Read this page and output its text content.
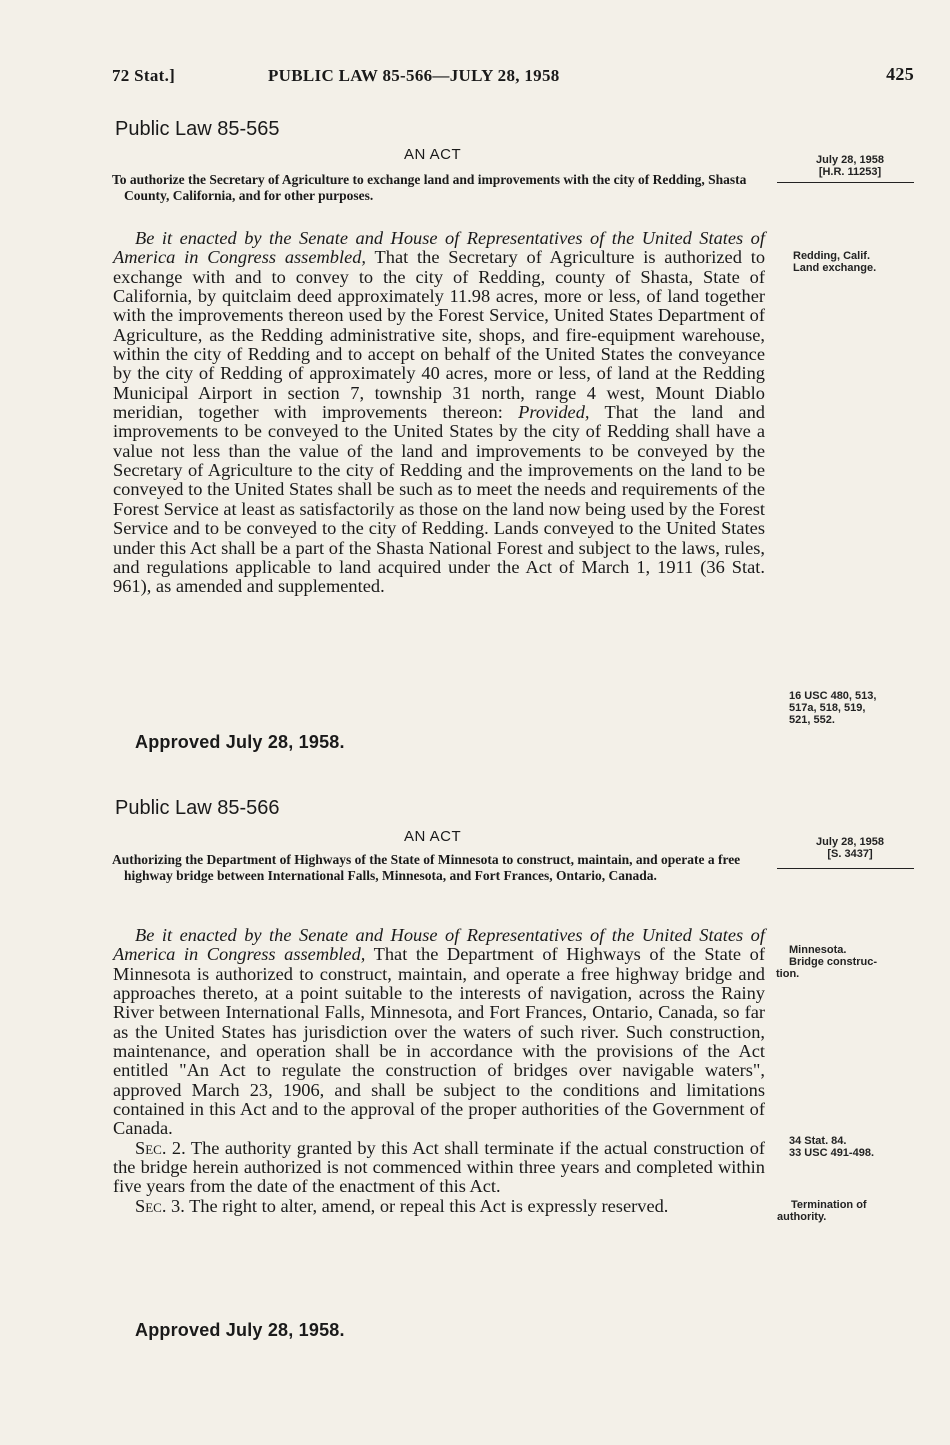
72 Stat.]	PUBLIC LAW 85-566—JULY 28, 1958	425
Public Law 85-565
AN ACT
To authorize the Secretary of Agriculture to exchange land and improvements with the city of Redding, Shasta County, California, and for other purposes.
July 28, 1958
[H.R. 11253]

Be it enacted by the Senate and House of Representatives of the United States of America in Congress assembled, That the Secretary of Agriculture is authorized to exchange with and to convey to the city of Redding, county of Shasta, State of California, by quitclaim deed approximately 11.98 acres, more or less, of land together with the improvements thereon used by the Forest Service, United States Department of Agriculture, as the Redding administrative site, shops, and fire-equipment warehouse, within the city of Redding and to accept on behalf of the United States the conveyance by the city of Redding of approximately 40 acres, more or less, of land at the Redding Municipal Airport in section 7, township 31 north, range 4 west, Mount Diablo meridian, together with improvements thereon: Provided, That the land and improvements to be conveyed to the United States by the city of Redding shall have a value not less than the value of the land and improvements to be conveyed by the Secretary of Agriculture to the city of Redding and the improvements on the land to be conveyed to the United States shall be such as to meet the needs and requirements of the Forest Service at least as satisfactorily as those on the land now being used by the Forest Service and to be conveyed to the city of Redding. Lands conveyed to the United States under this Act shall be a part of the Shasta National Forest and subject to the laws, rules, and regulations applicable to land acquired under the Act of March 1, 1911 (36 Stat. 961), as amended and supplemented.

Approved July 28, 1958.
Redding, Calif.
Land exchange.
16 USC 480, 513,
517a, 518, 519,
521, 552.
Public Law 85-566
AN ACT
Authorizing the Department of Highways of the State of Minnesota to construct, maintain, and operate a free highway bridge between International Falls, Minnesota, and Fort Frances, Ontario, Canada.
July 28, 1958
[S. 3437]

Be it enacted by the Senate and House of Representatives of the United States of America in Congress assembled, That the Department of Highways of the State of Minnesota is authorized to construct, maintain, and operate a free highway bridge and approaches thereto, at a point suitable to the interests of navigation, across the Rainy River between International Falls, Minnesota, and Fort Frances, Ontario, Canada, so far as the United States has jurisdiction over the waters of such river. Such construction, maintenance, and operation shall be in accordance with the provisions of the Act entitled "An Act to regulate the construction of bridges over navigable waters", approved March 23, 1906, and shall be subject to the conditions and limitations contained in this Act and to the approval of the proper authorities of the Government of Canada.

Sec. 2. The authority granted by this Act shall terminate if the actual construction of the bridge herein authorized is not commenced within three years and completed within five years from the date of the enactment of this Act.

Sec. 3. The right to alter, amend, or repeal this Act is expressly reserved.

Approved July 28, 1958.
Minnesota.
Bridge construc-
tion.
34 Stat. 84.
33 USC 491-498.
Termination of
authority.
